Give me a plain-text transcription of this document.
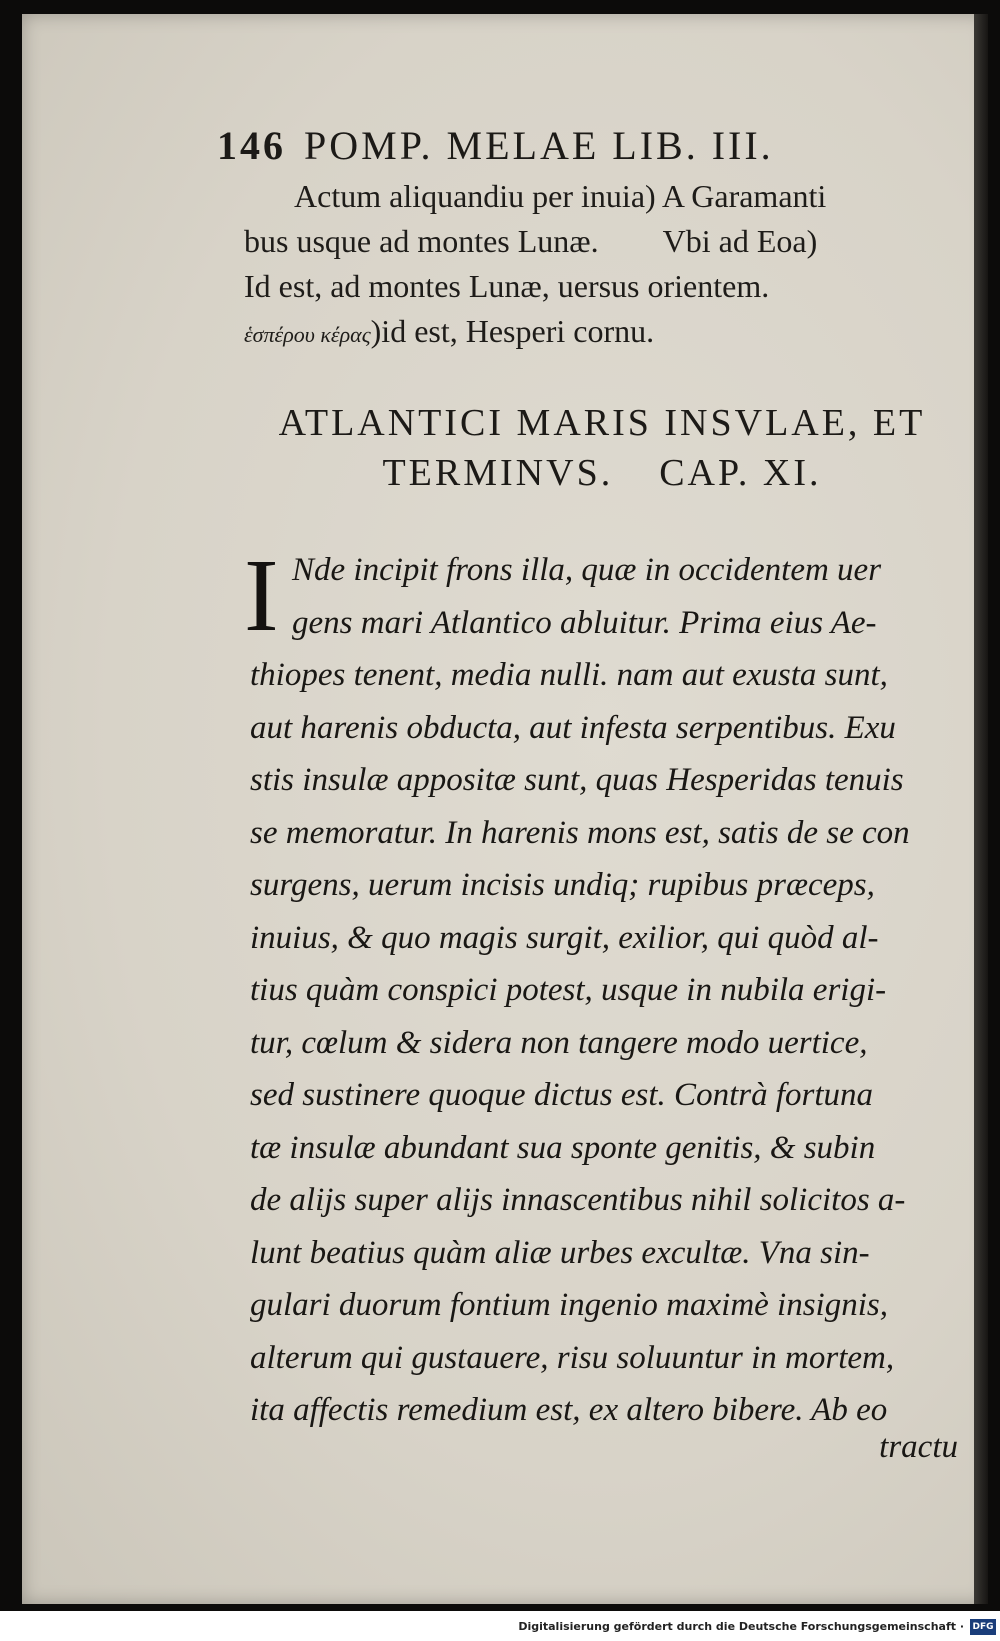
146 POMP. MELAE LIB. III.

Actum aliquandiu per inuia) A Garamanti

bus usque ad montes Lunæ. Vbi ad Eoa)

Id est, ad montes Lunæ, uersus orientem.

ἑσπέρου κέρας)id est, Hesperi cornu.

ATLANTICI MARIS INSVLAE, ET
TERMINVS. CAP. XI.
I Nde incipit frons illa, quæ in occidentem uer
gens mari Atlantico abluitur. Prima eius Ae-
thiopes tenent, media nulli. nam aut exusta sunt,
aut harenis obducta, aut infesta serpentibus. Exu
stis insulæ appositæ sunt, quas Hesperidas tenuis
se memoratur. In harenis mons est, satis de se con
surgens, uerum incisis undiq; rupibus præceps,
inuius, & quo magis surgit, exilior, qui quòd al-
tius quàm conspici potest, usque in nubila erigi-
tur, cœlum & sidera non tangere modo uertice,
sed sustinere quoque dictus est. Contrà fortuna
tæ insulæ abundant sua sponte genitis, & subin
de alijs super alijs innascentibus nihil solicitos a-
lunt beatius quàm aliæ urbes excultæ. Vna sin-
gulari duorum fontium ingenio maximè insignis,
alterum qui gustauere, risu soluuntur in mortem,
ita affectis remedium est, ex altero bibere. Ab eo
tractu
Digitalisierung gefördert durch die Deutsche Forschungsgemeinschaft · DFG
